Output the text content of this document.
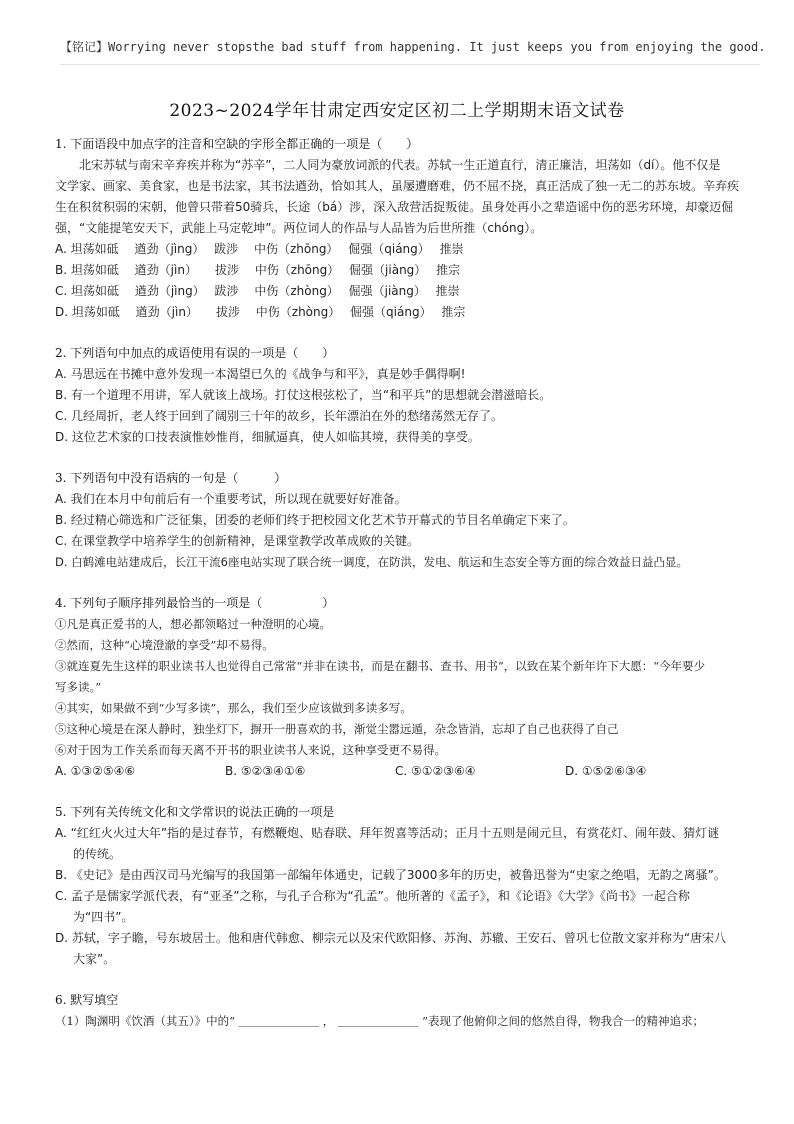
【铭记】Worrying never stopsthe bad stuff from happening. It just keeps you from enjoying the good.
2023~2024学年甘肃定西安定区初二上学期期末语文试卷
1. 下面语段中加点字的注音和空缺的字形全都正确的一项是（　　）
北宋苏轼与南宋辛弃疾并称为“苏辛”，二人同为豪放词派的代表。苏轼一生正道直行，清正廉洁，坦荡如（dí）。他不仅是
文学家、画家、美食家，也是书法家，其书法遒劲，恰如其人，虽屡遭磨难，仍不屈不挠，真正活成了独一无二的苏东坡。辛弃疾
生在积贫积弱的宋朝，他曾只带着50骑兵，长途（bá）涉，深入敌营活捉叛徒。虽身处再小之辈造谣中伤的恶劣环境，却豪迈倔
强，“文能提笔安天下，武能上马定乾坤”。两位词人的作品与人品皆为后世所推（chóng）。
A. 坦荡如砥　 遒劲（jìng）　 跋涉　 中伤（zhōng）　 倔强（qiáng）　 推崇
B. 坦荡如砥　 遒劲（jìn）　　拔涉　 中伤（zhōng）　 倔强（jiàng）　 推宗
C. 坦荡如砥　 遒劲（jìng）　 跋涉　 中伤（zhòng）　 倔强（jiàng）　 推崇
D. 坦荡如砥　 遒劲（jìn）　　拔涉　 中伤（zhòng）　 倔强（qiáng）　 推宗
2. 下列语句中加点的成语使用有误的一项是（　　）
A. 马思远在书摊中意外发现一本渴望已久的《战争与和平》，真是妙手偶得啊!
B. 有一个道理不用讲，军人就该上战场。打仗这根弦松了，当“和平兵”的思想就会潜滋暗长。
C. 几经周折，老人终于回到了阔别三十年的故乡，长年漂泊在外的愁绪荡然无存了。
D. 这位艺术家的口技表演惟妙惟肖，细腻逼真，使人如临其境，获得美的享受。
3. 下列语句中没有语病的一句是（　　　）
A. 我们在本月中旬前后有一个重要考试，所以现在就要好好准备。
B. 经过精心筛选和广泛征集，团委的老师们终于把校园文化艺术节开幕式的节目名单确定下来了。
C. 在课堂教学中培养学生的创新精神，是课堂教学改革成败的关键。
D. 白鹤滩电站建成后，长江干流6座电站实现了联合统一调度，在防洪，发电、航运和生态安全等方面的综合效益日益凸显。
4. 下列句子顺序排列最恰当的一项是（　　　　　）
①凡是真正爱书的人，想必都领略过一种澄明的心境。
②然而，这种“心境澄澈的享受”却不易得。
③就连夏先生这样的职业读书人也觉得自己常常“并非在读书，而是在翻书、查书、用书”，以致在某个新年许下大愿：“今年要少
写多读。”
④其实，如果做不到“少写多读”，那么，我们至少应该做到多读多写。
⑤这种心境是在深人静时，独坐灯下，摒开一册喜欢的书，渐觉尘嚣远遁，杂念皆消，忘却了自己也获得了自己
⑥对于因为工作关系而每天离不开书的职业读书人来说，这种享受更不易得。
A. ①③②⑤④⑥	B. ⑤②③④①⑥	C. ⑤①②③⑥④	D. ①⑤②⑥③④
5. 下列有关传统文化和文学常识的说法正确的一项是
A. “红红火火过大年”指的是过春节，有燃鞭炮、贴春联、拜年贺喜等活动；正月十五则是闹元旦，有赏花灯、闹年鼓、猜灯谜
的传统。
B. 《史记》是由西汉司马光编写的我国第一部编年体通史，记载了3000多年的历史，被鲁迅誉为“史家之绝唱，无韵之离骚”。
C. 孟子是儒家学派代表，有“亚圣”之称，与孔子合称为“孔孟”。他所著的《孟子》，和《论语》《大学》《尚书》一起合称
为“四书”。
D. 苏轼，字子瞻，号东坡居士。他和唐代韩愈、柳宗元以及宋代欧阳修、苏洵、苏辙、王安石、曾巩七位散文家并称为“唐宋八
大家”。
6. 默写填空
（1）陶渊明《饮酒（其五）》中的“ ＿＿＿＿＿＿＿ ， ＿＿＿＿＿＿＿ ”表现了他俯仰之间的悠然自得，物我合一的精神追求；
